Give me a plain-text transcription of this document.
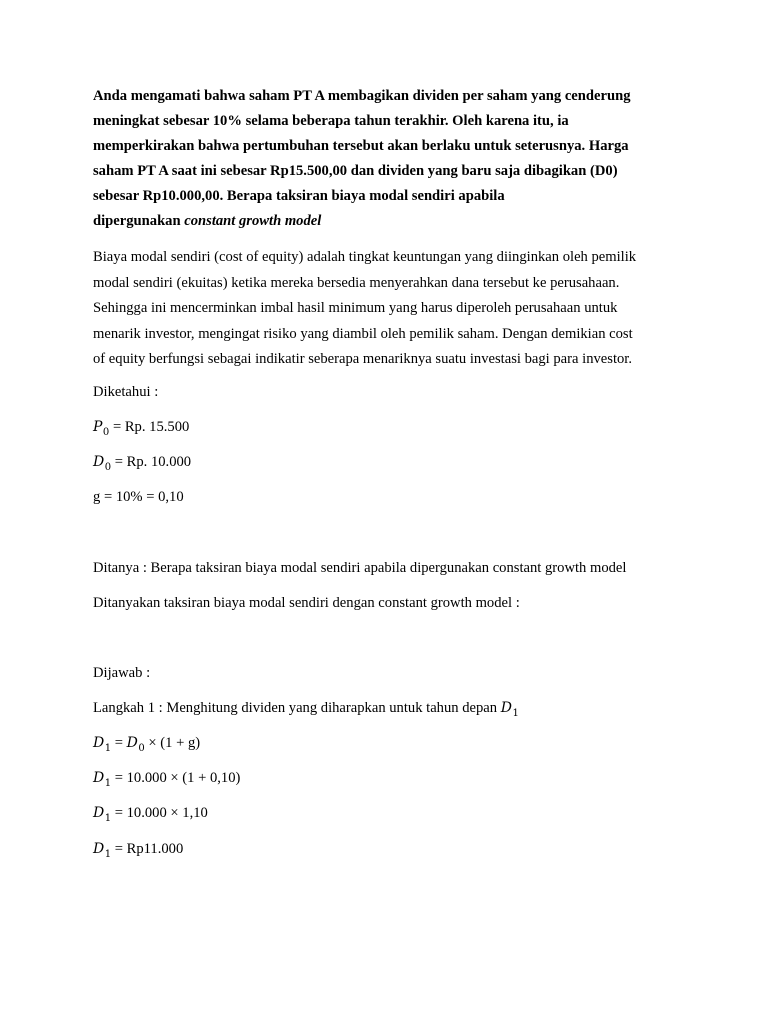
Anda mengamati bahwa saham PT A membagikan dividen per saham yang cenderung
meningkat sebesar 10% selama beberapa tahun terakhir. Oleh karena itu, ia
memperkirakan bahwa pertumbuhan tersebut akan berlaku untuk seterusnya. Harga
saham PT A saat ini sebesar Rp15.500,00 dan dividen yang baru saja dibagikan (D0)
sebesar Rp10.000,00. Berapa taksiran biaya modal sendiri apabila
dipergunakan constant growth model
Biaya modal sendiri (cost of equity) adalah tingkat keuntungan yang diinginkan oleh pemilik
modal sendiri (ekuitas) ketika mereka bersedia menyerahkan dana tersebut ke perusahaan.
Sehingga ini mencerminkan imbal hasil minimum yang harus diperoleh perusahaan untuk
menarik investor, mengingat risiko yang diambil oleh pemilik saham. Dengan demikian cost
of equity berfungsi sebagai indikatir seberapa menariknya suatu investasi bagi para investor.
Diketahui :
$P_0 = Rp$. 15.500
$D_0 = Rp$. 10.000
g = 10% = 0,10
Ditanya : Berapa taksiran biaya modal sendiri apabila dipergunakan constant growth model
Ditanyakan taksiran biaya modal sendiri dengan constant growth model :
Dijawab :
Langkah 1 : Menghitung dividen yang diharapkan untuk tahun depan $D_1$
$D_1 = D_0 \times (1 + g)$
$D_1 = 10.000 \times (1 + 0,10)$
$D_1 = 10.000 \times 1,10$
$D_1 = Rp11.000$
